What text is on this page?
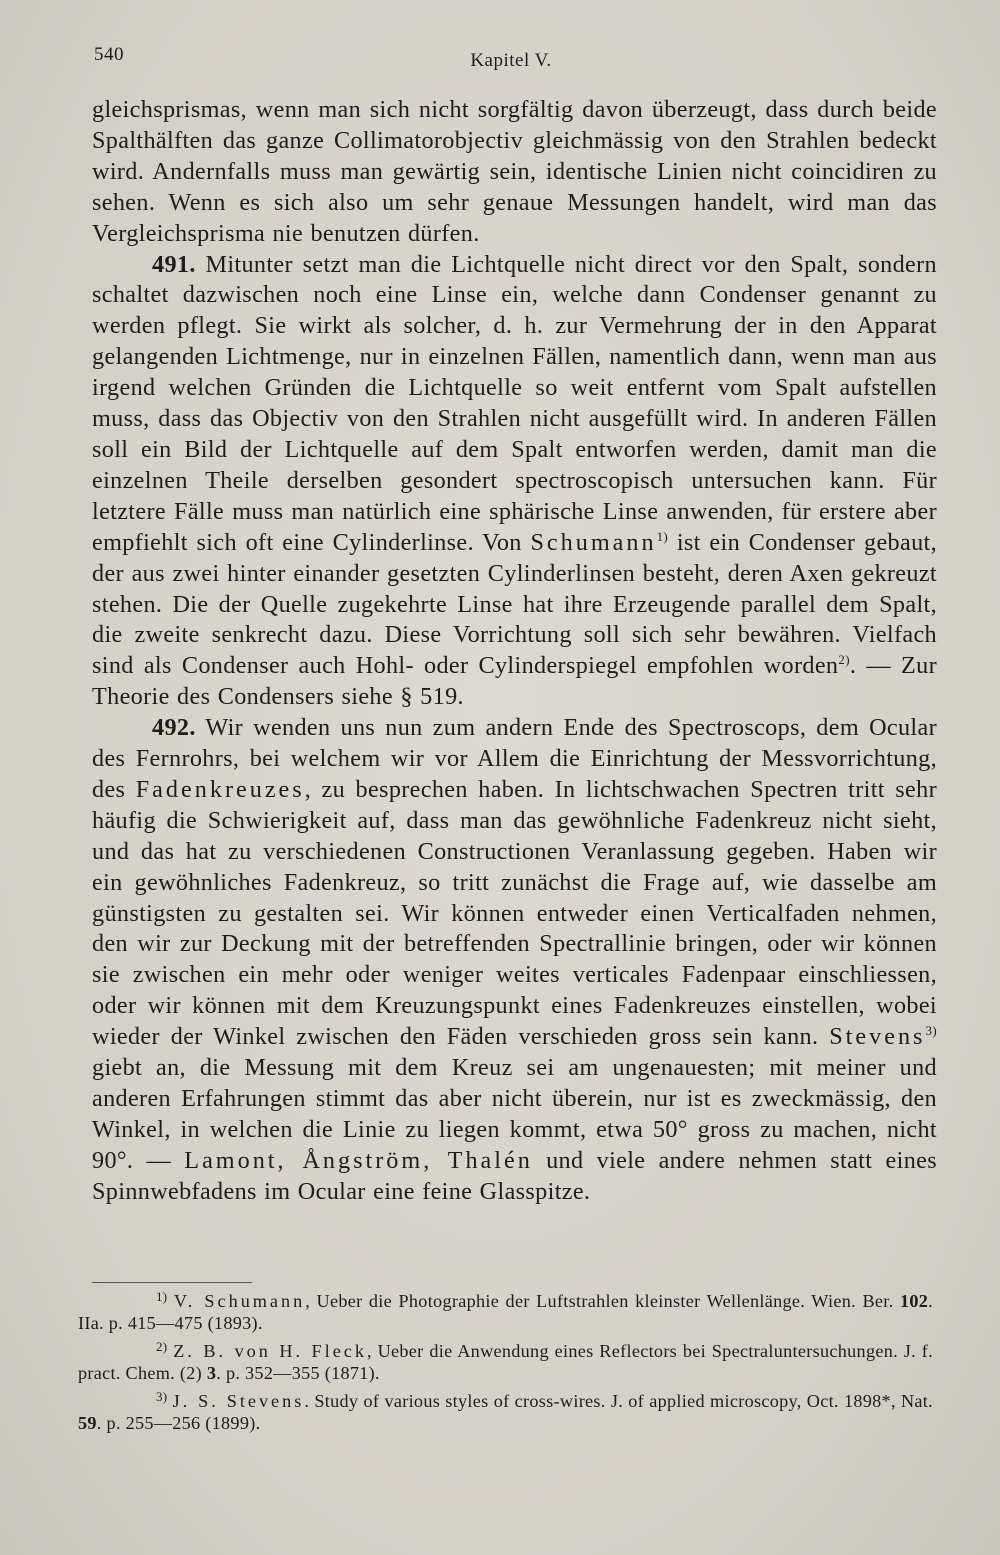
540	Kapitel V.

gleichsprismas, wenn man sich nicht sorgfältig davon überzeugt, dass durch beide Spalthälften das ganze Collimatorobjectiv gleichmässig von den Strahlen bedeckt wird. Andernfalls muss man gewärtig sein, identische Linien nicht coincidiren zu sehen. Wenn es sich also um sehr genaue Messungen handelt, wird man das Vergleichsprisma nie benutzen dürfen.

491. Mitunter setzt man die Lichtquelle nicht direct vor den Spalt, sondern schaltet dazwischen noch eine Linse ein, welche dann Condenser genannt zu werden pflegt. Sie wirkt als solcher, d. h. zur Vermehrung der in den Apparat gelangenden Lichtmenge, nur in einzelnen Fällen, namentlich dann, wenn man aus irgend welchen Gründen die Lichtquelle so weit entfernt vom Spalt aufstellen muss, dass das Objectiv von den Strahlen nicht ausgefüllt wird. In anderen Fällen soll ein Bild der Lichtquelle auf dem Spalt entworfen werden, damit man die einzelnen Theile derselben gesondert spectroscopisch untersuchen kann. Für letztere Fälle muss man natürlich eine sphärische Linse anwenden, für erstere aber empfiehlt sich oft eine Cylinderlinse. Von Schumann$^{1)}$ ist ein Condenser gebaut, der aus zwei hinter einander gesetzten Cylinderlinsen besteht, deren Axen gekreuzt stehen. Die der Quelle zugekehrte Linse hat ihre Erzeugende parallel dem Spalt, die zweite senkrecht dazu. Diese Vorrichtung soll sich sehr bewähren. Vielfach sind als Condenser auch Hohl- oder Cylinderspiegel empfohlen worden$^{2)}$. — Zur Theorie des Condensers siehe § 519.

492. Wir wenden uns nun zum andern Ende des Spectroscops, dem Ocular des Fernrohrs, bei welchem wir vor Allem die Einrichtung der Messvorrichtung, des Fadenkreuzes, zu besprechen haben. In lichtschwachen Spectren tritt sehr häufig die Schwierigkeit auf, dass man das gewöhnliche Fadenkreuz nicht sieht, und das hat zu verschiedenen Constructionen Veranlassung gegeben. Haben wir ein gewöhnliches Fadenkreuz, so tritt zunächst die Frage auf, wie dasselbe am günstigsten zu gestalten sei. Wir können entweder einen Verticalfaden nehmen, den wir zur Deckung mit der betreffenden Spectrallinie bringen, oder wir können sie zwischen ein mehr oder weniger weites verticales Fadenpaar einschliessen, oder wir können mit dem Kreuzungspunkt eines Fadenkreuzes einstellen, wobei wieder der Winkel zwischen den Fäden verschieden gross sein kann. Stevens$^{3)}$ giebt an, die Messung mit dem Kreuz sei am ungenauesten; mit meiner und anderen Erfahrungen stimmt das aber nicht überein, nur ist es zweckmässig, den Winkel, in welchen die Linie zu liegen kommt, etwa 50° gross zu machen, nicht 90°. — Lamont, Ångström, Thalén und viele andere nehmen statt eines Spinnwebfadens im Ocular eine feine Glasspitze.

$^{1)}$ V. Schumann, Ueber die Photographie der Luftstrahlen kleinster Wellenlänge. Wien. Ber. 102. IIa. p. 415—475 (1893).

$^{2)}$ Z. B. von H. Fleck, Ueber die Anwendung eines Reflectors bei Spectraluntersuchungen. J. f. pract. Chem. (2) 3. p. 352—355 (1871).

$^{3)}$ J. S. Stevens. Study of various styles of cross-wires. J. of applied microscopy, Oct. 1898*, Nat. 59. p. 255—256 (1899).
